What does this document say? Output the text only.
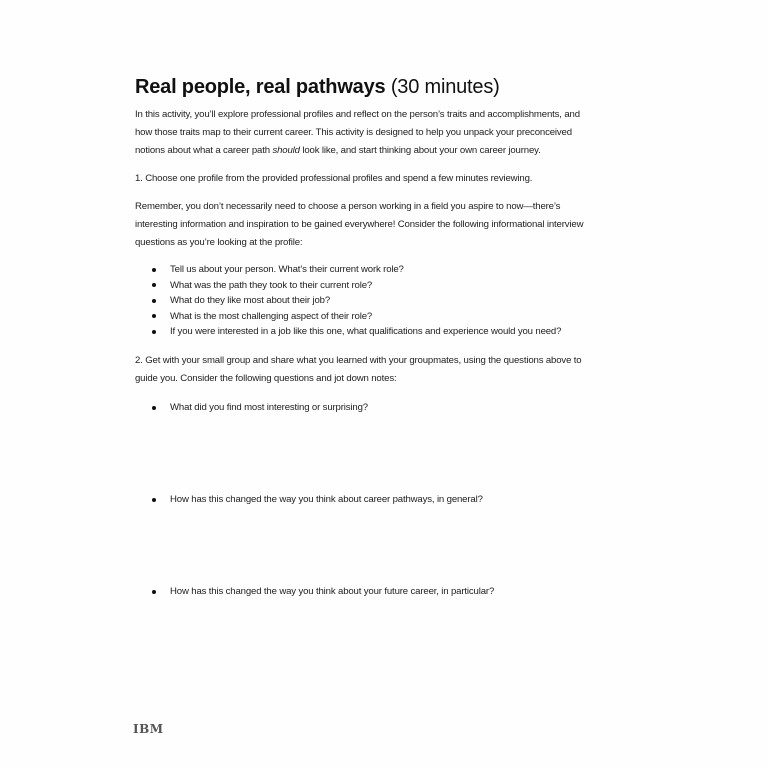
Real people, real pathways (30 minutes)
In this activity, you’ll explore professional profiles and reflect on the person’s traits and accomplishments, and
how those traits map to their current career. This activity is designed to help you unpack your preconceived
notions about what a career path should look like, and start thinking about your own career journey.
1. Choose one profile from the provided professional profiles and spend a few minutes reviewing.
Remember, you don’t necessarily need to choose a person working in a field you aspire to now—there’s
interesting information and inspiration to be gained everywhere! Consider the following informational interview
questions as you’re looking at the profile:
Tell us about your person. What’s their current work role?
What was the path they took to their current role?
What do they like most about their job?
What is the most challenging aspect of their role?
If you were interested in a job like this one, what qualifications and experience would you need?
2. Get with your small group and share what you learned with your groupmates, using the questions above to
guide you. Consider the following questions and jot down notes:
What did you find most interesting or surprising?
How has this changed the way you think about career pathways, in general?
How has this changed the way you think about your future career, in particular?
IBM
